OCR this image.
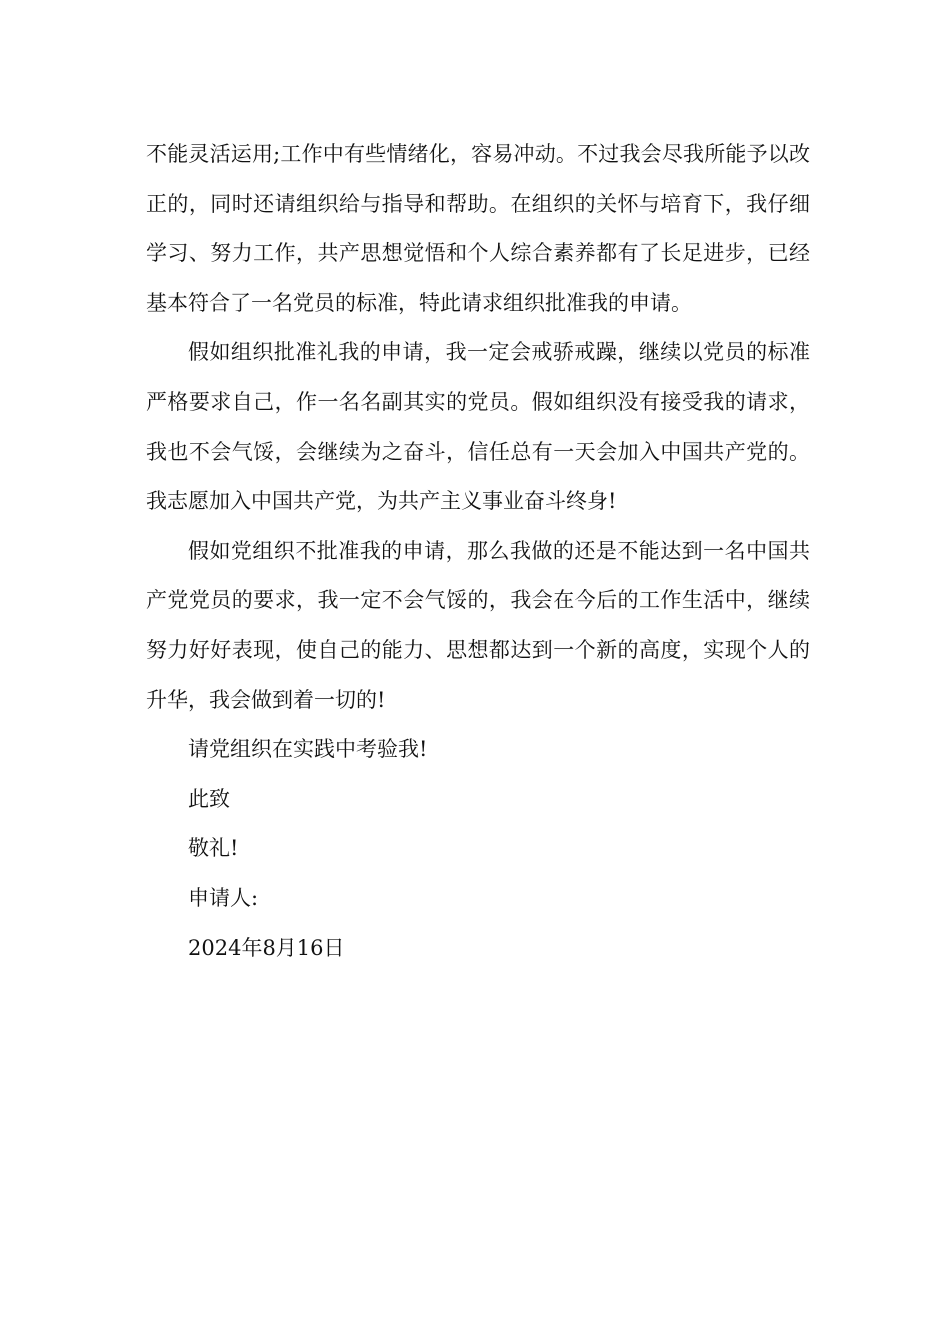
不能灵活运用;工作中有些情绪化，容易冲动。不过我会尽我所能予以改正的，同时还请组织给与指导和帮助。在组织的关怀与培育下，我仔细学习、努力工作，共产思想觉悟和个人综合素养都有了长足进步，已经基本符合了一名党员的标准，特此请求组织批准我的申请。

假如组织批准礼我的申请，我一定会戒骄戒躁，继续以党员的标准严格要求自己，作一名名副其实的党员。假如组织没有接受我的请求，我也不会气馁，会继续为之奋斗，信任总有一天会加入中国共产党的。我志愿加入中国共产党，为共产主义事业奋斗终身!

假如党组织不批准我的申请，那么我做的还是不能达到一名中国共产党党员的要求，我一定不会气馁的，我会在今后的工作生活中，继续努力好好表现，使自己的能力、思想都达到一个新的高度，实现个人的升华，我会做到着一切的!

请党组织在实践中考验我!

此致

敬礼!

申请人:

2024年8月16日
